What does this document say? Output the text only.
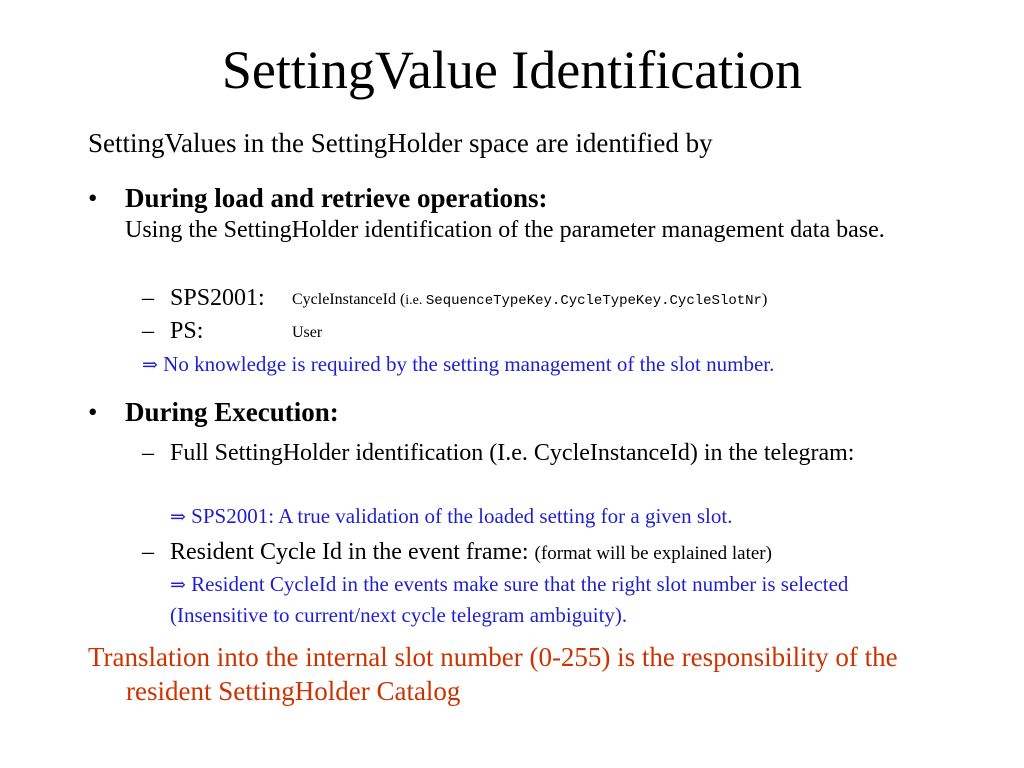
SettingValue Identification
SettingValues in the SettingHolder space are identified by
• During load and retrieve operations:
Using the SettingHolder identification of the parameter management data base.
– SPS2001: CycleInstanceId (i.e. SequenceTypeKey.CycleTypeKey.CycleSlotNr)
– PS:	User
⇒ No knowledge is required by the setting management of the slot number.
• During Execution:
– Full SettingHolder identification (I.e. CycleInstanceId) in the telegram:
⇒ SPS2001: A true validation of the loaded setting for a given slot.
– Resident Cycle Id in the event frame: (format will be explained later)
⇒ Resident CycleId in the events make sure that the right slot number is selected (Insensitive to current/next cycle telegram ambiguity).
Translation into the internal slot number (0-255) is the responsibility of the resident SettingHolder Catalog
